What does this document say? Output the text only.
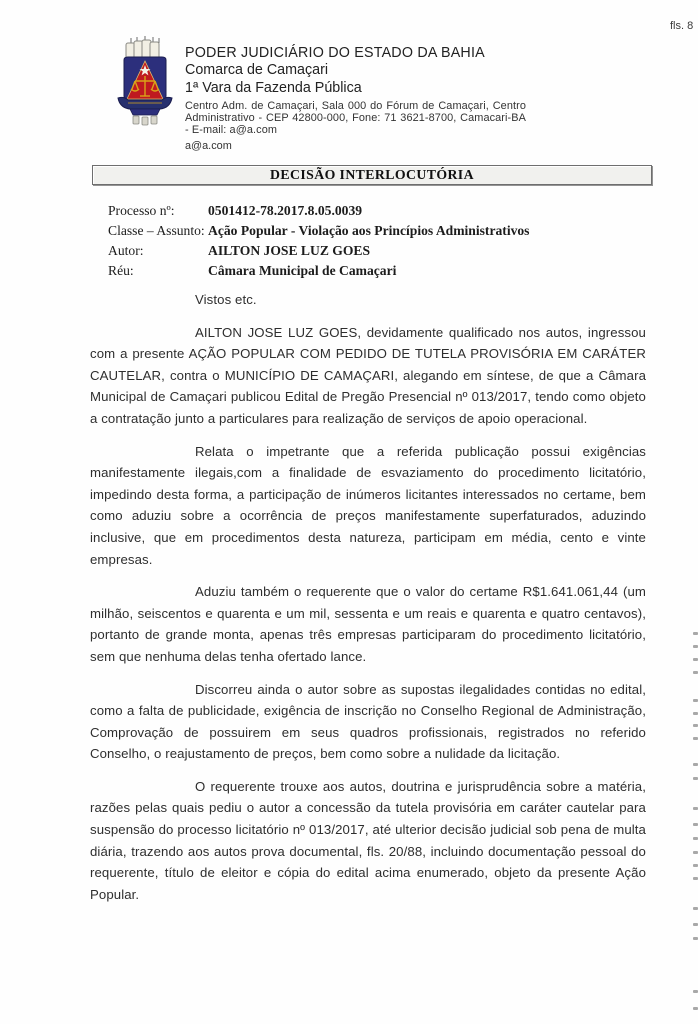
fls. 8
PODER JUDICIÁRIO DO ESTADO DA BAHIA
Comarca de Camaçari
1ª Vara da Fazenda Pública
Centro Adm. de Camaçari, Sala 000 do Fórum de Camaçari, Centro Administrativo - CEP 42800-000, Fone: 71 3621-8700, Camacari-BA - E-mail: a@a.com
a@a.com
DECISÃO INTERLOCUTÓRIA
Processo nº:	0501412-78.2017.8.05.0039
Classe – Assunto: Ação Popular - Violação aos Princípios Administrativos
Autor:	AILTON JOSE LUZ GOES
Réu:	Câmara Municipal de Camaçari

Vistos etc.

AILTON JOSE LUZ GOES, devidamente qualificado nos autos, ingressou com a presente AÇÃO POPULAR COM PEDIDO DE TUTELA PROVISÓRIA EM CARÁTER CAUTELAR, contra o MUNICÍPIO DE CAMAÇARI, alegando em síntese, de que a Câmara Municipal de Camaçari publicou Edital de Pregão Presencial nº 013/2017, tendo como objeto a contratação junto a particulares para realização de serviços de apoio operacional.

Relata o impetrante que a referida publicação possui exigências manifestamente ilegais,com a finalidade de esvaziamento do procedimento licitatório, impedindo desta forma, a participação de inúmeros licitantes interessados no certame, bem como aduziu sobre a ocorrência de preços manifestamente superfaturados, aduzindo inclusive, que em procedimentos desta natureza, participam em média, cento e vinte empresas.

Aduziu também o requerente que o valor do certame R$1.641.061,44 (um milhão, seiscentos e quarenta e um mil, sessenta e um reais e quarenta e quatro centavos), portanto de grande monta, apenas três empresas participaram do procedimento licitatório, sem que nenhuma delas tenha ofertado lance.

Discorreu ainda o autor sobre as supostas ilegalidades contidas no edital, como a falta de publicidade, exigência de inscrição no Conselho Regional de Administração, Comprovação de possuirem em seus quadros profissionais, registrados no referido Conselho, o reajustamento de preços, bem como sobre a nulidade da licitação.

O requerente trouxe aos autos, doutrina e jurisprudência sobre a matéria, razões pelas quais pediu o autor a concessão da tutela provisória em caráter cautelar para suspensão do processo licitatório nº 013/2017, até ulterior decisão judicial sob pena de multa diária, trazendo aos autos prova documental, fls. 20/88, incluindo documentação pessoal do requerente, título de eleitor e cópia do edital acima enumerado, objeto da presente Ação Popular.
